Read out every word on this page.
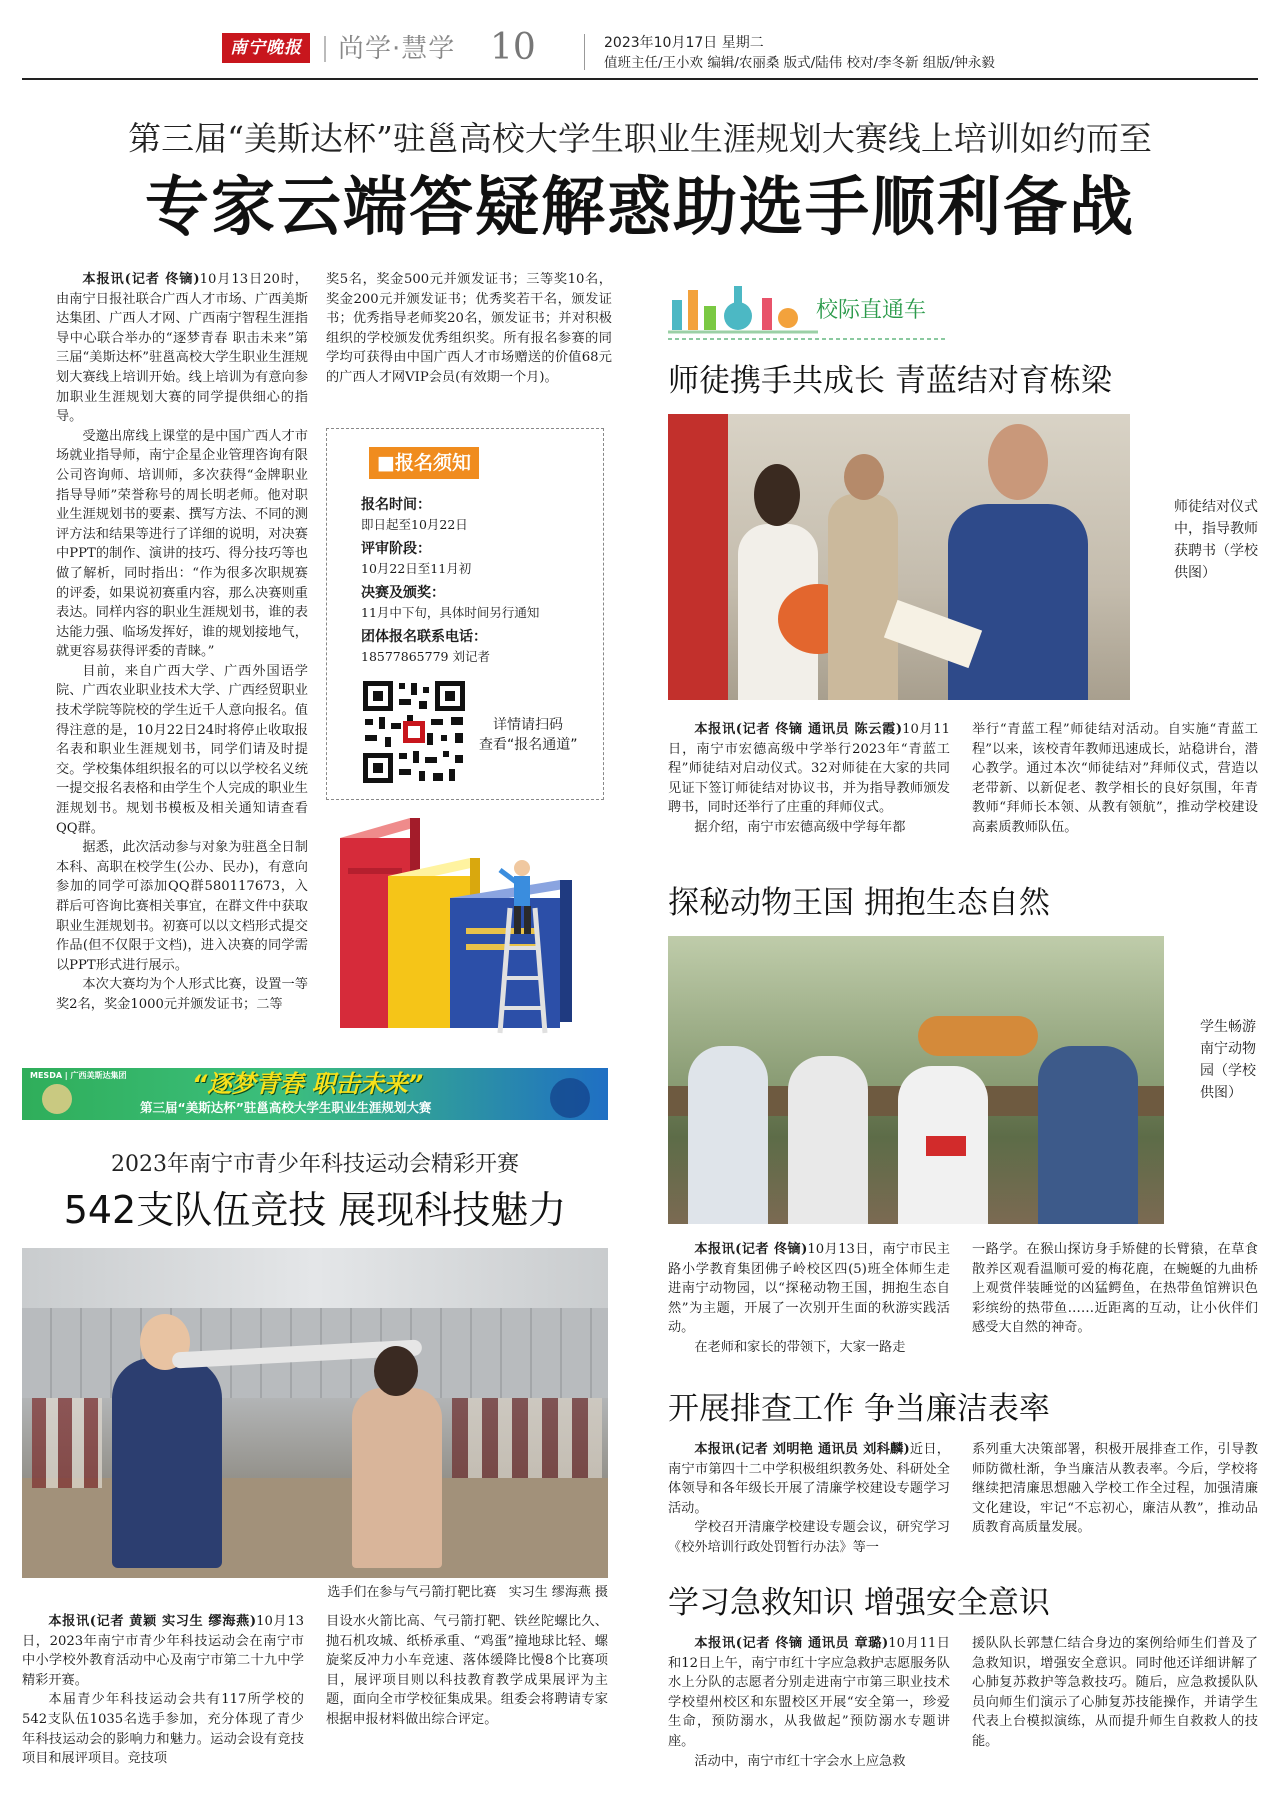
南宁晚报	尚学·慧学 10	2023年10月17日 星期二
值班主任/王小欢 编辑/农丽桑 版式/陆伟 校对/李冬新 组版/钟永毅
第三届“美斯达杯”驻邕高校大学生职业生涯规划大赛线上培训如约而至
专家云端答疑解惑助选手顺利备战

本报讯(记者 佟镝)10月13日20时，由南宁日报社联合广西人才市场、广西美斯达集团、广西人才网、广西南宁智程生涯指导中心联合举办的“逐梦青春 职击未来”第三届“美斯达杯”驻邕高校大学生职业生涯规划大赛线上培训开始。线上培训为有意向参加职业生涯规划大赛的同学提供细心的指导。

受邀出席线上课堂的是中国广西人才市场就业指导师，南宁企星企业管理咨询有限公司咨询师、培训师，多次获得“金牌职业指导导师”荣誉称号的周长明老师。他对职业生涯规划书的要素、撰写方法、不同的测评方法和结果等进行了详细的说明，对决赛中PPT的制作、演讲的技巧、得分技巧等也做了解析，同时指出：“作为很多次职规赛的评委，如果说初赛重内容，那么决赛则重表达。同样内容的职业生涯规划书，谁的表达能力强、临场发挥好，谁的规划接地气，就更容易获得评委的青睐。”

目前，来自广西大学、广西外国语学院、广西农业职业技术大学、广西经贸职业技术学院等院校的学生近千人意向报名。值得注意的是，10月22日24时将停止收取报名表和职业生涯规划书，同学们请及时提交。学校集体组织报名的可以以学校名义统一提交报名表格和由学生个人完成的职业生涯规划书。规划书模板及相关通知请查看QQ群。

据悉，此次活动参与对象为驻邕全日制本科、高职在校学生(公办、民办)，有意向参加的同学可添加QQ群580117673，入群后可咨询比赛相关事宜，在群文件中获取职业生涯规划书。初赛可以以文档形式提交作品(但不仅限于文档)，进入决赛的同学需以PPT形式进行展示。

本次大赛均为个人形式比赛，设置一等奖2名，奖金1000元并颁发证书；二等

奖5名，奖金500元并颁发证书；三等奖10名，奖金200元并颁发证书；优秀奖若干名，颁发证书；优秀指导老师奖20名，颁发证书；并对积极组织的学校颁发优秀组织奖。所有报名参赛的同学均可获得由中国广西人才市场赠送的价值68元的广西人才网VIP会员(有效期一个月)。

■报名须知
报名时间：
即日起至10月22日
评审阶段：
10月22日至11月初
决赛及颁奖：
11月中下旬，具体时间另行通知
团体报名联系电话：
18577865779 刘记者
详情请扫码
查看“报名通道”
MESDA | 广西美斯达集团	“逐梦青春 职击未来”
第三届“美斯达杯”驻邕高校大学生职业生涯规划大赛
2023年南宁市青少年科技运动会精彩开赛
542支队伍竞技 展现科技魅力
选手们在参与气弓箭打靶比赛   实习生 缪海燕 摄

本报讯(记者 黄颖 实习生 缪海燕)10月13日，2023年南宁市青少年科技运动会在南宁市中小学校外教育活动中心及南宁市第二十九中学精彩开赛。

本届青少年科技运动会共有117所学校的542支队伍1035名选手参加，充分体现了青少年科技运动会的影响力和魅力。运动会设有竞技项目和展评项目。竞技项

目设水火箭比高、气弓箭打靶、铁丝陀螺比久、抛石机攻城、纸桥承重、“鸡蛋”撞地球比轻、螺旋桨反冲力小车竞速、落体缓降比慢8个比赛项目，展评项目则以科技教育教学成果展评为主题，面向全市学校征集成果。组委会将聘请专家根据申报材料做出综合评定。

校际直通车
师徒携手共成长 青蓝结对育栋梁
师徒结对仪式中，指导教师获聘书（学校供图）

本报讯(记者 佟镝 通讯员 陈云霞)10月11日，南宁市宏德高级中学举行2023年“青蓝工程”师徒结对启动仪式。32对师徒在大家的共同见证下签订师徒结对协议书，并为指导教师颁发聘书，同时还举行了庄重的拜师仪式。

据介绍，南宁市宏德高级中学每年都

举行“青蓝工程”师徒结对活动。自实施“青蓝工程”以来，该校青年教师迅速成长，站稳讲台，潜心教学。通过本次“师徒结对”拜师仪式，营造以老带新、以新促老、教学相长的良好氛围，年青教师“拜师长本领、从教有领航”，推动学校建设高素质教师队伍。

探秘动物王国 拥抱生态自然
学生畅游南宁动物园（学校供图）

本报讯(记者 佟镝)10月13日，南宁市民主路小学教育集团佛子岭校区四(5)班全体师生走进南宁动物园，以“探秘动物王国，拥抱生态自然”为主题，开展了一次别开生面的秋游实践活动。

在老师和家长的带领下，大家一路走

一路学。在猴山探访身手矫健的长臂猿，在草食散养区观看温顺可爱的梅花鹿，在蜿蜒的九曲桥上观赏伴装睡觉的凶猛鳄鱼，在热带鱼馆辨识色彩缤纷的热带鱼……近距离的互动，让小伙伴们感受大自然的神奇。

开展排查工作 争当廉洁表率

本报讯(记者 刘明艳 通讯员 刘科麟)近日，南宁市第四十二中学积极组织教务处、科研处全体领导和各年级长开展了清廉学校建设专题学习活动。

学校召开清廉学校建设专题会议，研究学习《校外培训行政处罚暂行办法》等一

系列重大决策部署，积极开展排查工作，引导教师防微杜渐，争当廉洁从教表率。今后，学校将继续把清廉思想融入学校工作全过程，加强清廉文化建设，牢记“不忘初心，廉洁从教”，推动品质教育高质量发展。

学习急救知识 增强安全意识

本报讯(记者 佟镝 通讯员 章璐)10月11日和12日上午，南宁市红十字应急救护志愿服务队水上分队的志愿者分别走进南宁市第三职业技术学校望州校区和东盟校区开展“安全第一，珍爱生命，预防溺水，从我做起”预防溺水专题讲座。

活动中，南宁市红十字会水上应急救

援队队长郭慧仁结合身边的案例给师生们普及了急救知识，增强安全意识。同时他还详细讲解了心肺复苏救护等急救技巧。随后，应急救援队队员向师生们演示了心肺复苏技能操作，并请学生代表上台模拟演练，从而提升师生自救救人的技能。
